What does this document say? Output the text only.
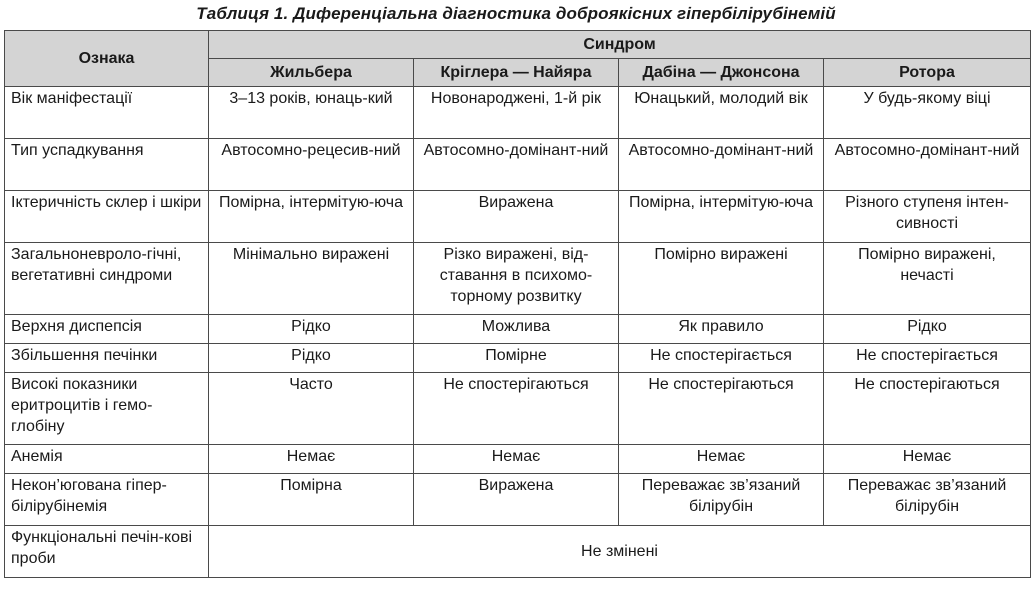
Таблиця 1. Диференціальна діагностика доброякісних гіпербілірубінемій
Ознака	Синдром			
	Жильбера	Кріглера — Найяра	Дабіна — Джонсона	Ротора
Вік маніфестації	3–13 років, юнаць-кий	Новонароджені, 1-й рік	Юнацький, молодий вік	У будь-якому віці
Тип успадкування	Автосомно-рецесив-ний	Автосомно-домінант-ний	Автосомно-домінант-ний	Автосомно-домінант-ний
Іктеричність склер і шкіри	Помірна, інтермітую-юча	Виражена	Помірна, інтермітую-юча	Різного ступеня інтен-сивності
Загальноневроло-гічні, вегетативні синдроми	Мінімально виражені	Різко виражені, від-ставання в психомо-торному розвитку	Помірно виражені	Помірно виражені, нечасті
Верхня диспепсія	Рідко	Можлива	Як правило	Рідко
Збільшення печінки	Рідко	Помірне	Не спостерігається	Не спостерігається
Високі показники еритроцитів і гемо-глобіну	Часто	Не спостерігаються	Не спостерігаються	Не спостерігаються
Анемія	Немає	Немає	Немає	Немає
Некон’югована гіпер-білірубінемія	Помірна	Виражена	Переважає зв’язаний білірубін	Переважає зв’язаний білірубін
Функціональні печін-кові проби	Не змінені			
